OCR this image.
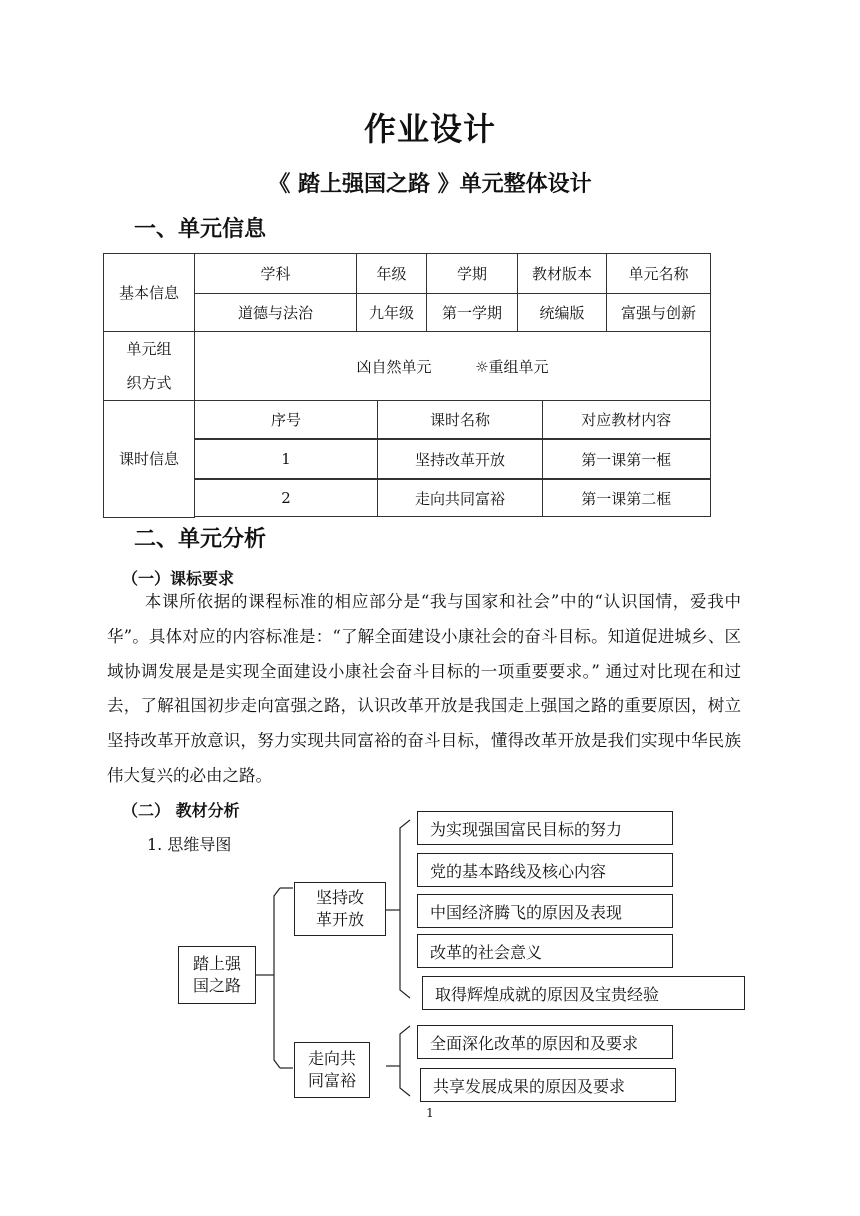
作业设计
《 踏上强国之路 》单元整体设计
一、单元信息
基本信息	学科	年级	学期	教材版本	单元名称
道德与法治	九年级	第一学期	统编版	富强与创新
单元组
织方式	凶自然单元	☼重组单元
课时信息	
序号	课时名称	对应教材内容

1	坚持改革开放	第一课第一框

2	走向共同富裕	第一课第二框
二、单元分析
（一）课标要求
本课所依据的课程标准的相应部分是“我与国家和社会”中的“认识国情，爱我中华”。具体对应的内容标准是：“了解全面建设小康社会的奋斗目标。知道促进城乡、区域协调发展是是实现全面建设小康社会奋斗目标的一项重要要求。” 通过对比现在和过去，了解祖国初步走向富强之路，认识改革开放是我国走上强国之路的重要原因，树立坚持改革开放意识，努力实现共同富裕的奋斗目标，懂得改革开放是我们实现中华民族伟大复兴的必由之路。
（二） 教材分析
1. 思维导图
踏上强
国之路
坚持改
革开放
走向共
同富裕
为实现强国富民目标的努力
党的基本路线及核心内容
中国经济腾飞的原因及表现
改革的社会意义
取得辉煌成就的原因及宝贵经验
全面深化改革的原因和及要求
共享发展成果的原因及要求
1
